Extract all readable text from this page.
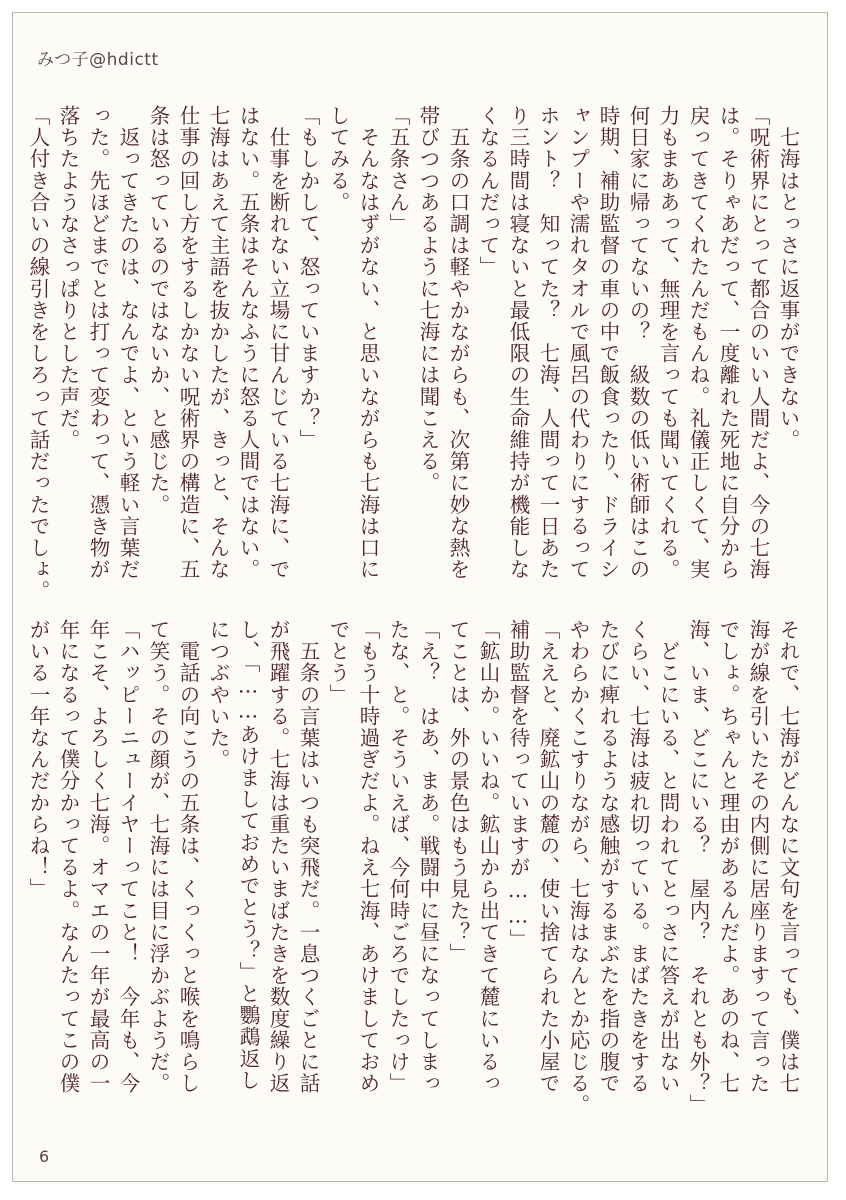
みつ子@hdictt

　七海はとっさに返事ができない。

「呪術界にとって都合のいい人間だよ、今の七海

は。そりゃあだって、一度離れた死地に自分から

戻ってきてくれたんだもんね。礼儀正しくて、実

力もまああって、無理を言っても聞いてくれる。

何日家に帰ってないの？　級数の低い術師はこの

時期、補助監督の車の中で飯食ったり、ドライシ

ャンプーや濡れタオルで風呂の代わりにするって

ホント？　知ってた？　七海、人間って一日あた

り三時間は寝ないと最低限の生命維持が機能しな

くなるんだって」

　五条の口調は軽やかながらも、次第に妙な熱を

帯びつつあるように七海には聞こえる。

「五条さん」

　そんなはずがない、と思いながらも七海は口に

してみる。

「もしかして、怒っていますか？」

　仕事を断れない立場に甘んじている七海に、で

はない。五条はそんなふうに怒る人間ではない。

七海はあえて主語を抜かしたが、きっと、そんな

仕事の回し方をするしかない呪術界の構造に、五

条は怒っているのではないか、と感じた。

　返ってきたのは、なんでよ、という軽い言葉だ

った。先ほどまでとは打って変わって、憑き物が

落ちたようなさっぱりとした声だ。

「人付き合いの線引きをしろって話だったでしょ。

それで、七海がどんなに文句を言っても、僕は七

海が線を引いたその内側に居座りますって言った

でしょ。ちゃんと理由があるんだよ。あのね、七

海、いま、どこにいる？　屋内？　それとも外？」

　どこにいる、と問われてとっさに答えが出ない

くらい、七海は疲れ切っている。まばたきをする

たびに痺れるような感触がするまぶたを指の腹で

やわらかくこすりながら、七海はなんとか応じる。

「ええと、廃鉱山の麓の、使い捨てられた小屋で

補助監督を待っていますが……」

「鉱山か。いいね。鉱山から出てきて麓にいるっ

てことは、外の景色はもう見た？」

「え？　はあ、まあ。戦闘中に昼になってしまっ

たな、と。そういえば、今何時ごろでしたっけ」

「もう十時過ぎだよ。ねえ七海、あけましておめ

でとう」

　五条の言葉はいつも突飛だ。一息つくごとに話

が飛躍する。七海は重たいまばたきを数度繰り返

し、「……あけましておめでとう？」と鸚鵡返し

につぶやいた。

　電話の向こうの五条は、くっくっと喉を鳴らし

て笑う。その顔が、七海には目に浮かぶようだ。

「ハッピーニューイヤーってこと！　今年も、今

年こそ、よろしく七海。オマエの一年が最高の一

年になるって僕分かってるよ。なんたってこの僕

がいる一年なんだからね！」

6
